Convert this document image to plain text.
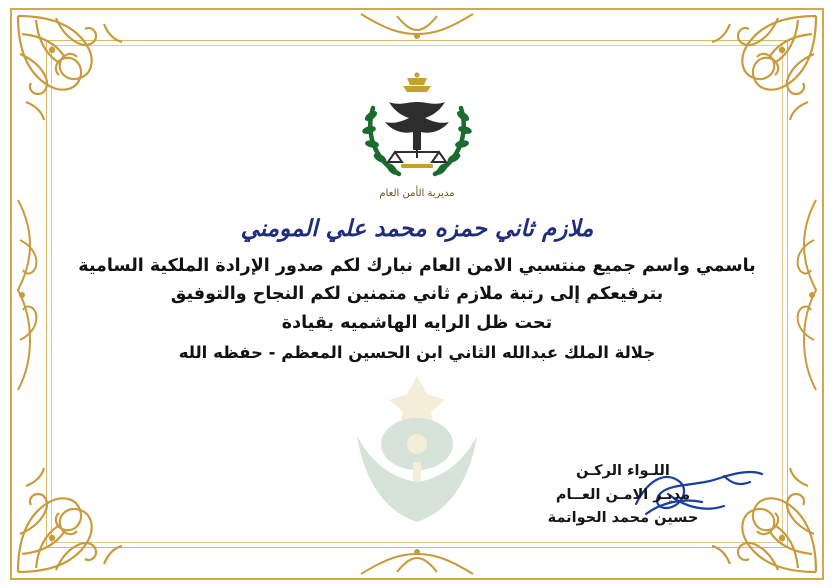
مديرية الأمن العام
ملازم ثاني حمزه محمد علي المومني
باسمي واسم جميع منتسبي الامن العام نبارك لكم صدور الإرادة الملكية السامية
بترفيعكم إلى رتبة ملازم ثاني متمنين لكم النجاح والتوفيق
تحت ظل الرايه الهاشميه بقيادة
جلالة الملك عبدالله الثاني ابن الحسين المعظم - حفظه الله
اللـواء الركـن
مديـر الامـن العــام
حسين محمد الحواتمة
